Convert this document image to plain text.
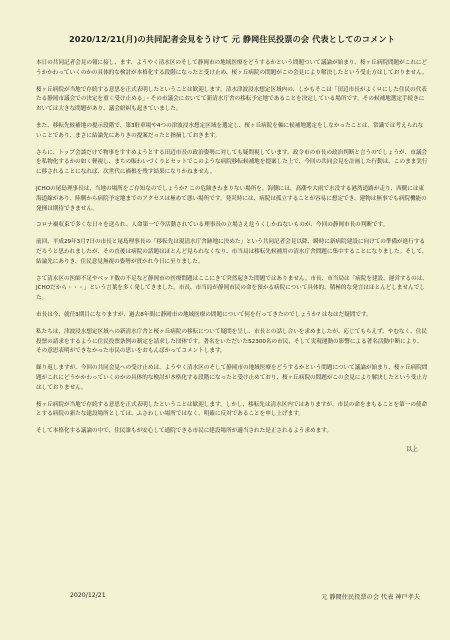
2020/12/21(月)の共同記者会見をうけて 元 静岡住民投票の会 代表としてのコメント

本日の共同記者会見の報に接し、ます、ようやく清水区のそして静岡市の地域医療をどうするかという問題ついて議論が始まり、桜ヶ丘病院問題がこれにどうかかわっていくのかの具体的な検討が本格化する段階になったと受け止め、桜ヶ丘病院の問題がこの会見により解決したという受止方はしておりません。

桜ヶ丘病院が当地で存続する意思を正式表明したということは歓迎します。清水津波浸水想定区域内の、しかもそこは「田辺市長がよくロにした住民の代表たる静岡市議会での決定を重く受け止める」・その市議会においてて新清水庁舎の移転予定地であることを決定している場所です。その候補地選定手続きにおいては大きな問題があり、議会紛糾も起きていました。

また、移転先候補地の提示段階で、第3駐車場や4つの津波浸水想定区域を選定し、桜ヶ丘病院を軸に候補地選定をしなかったことは、常識では考えられないことであり、まさに結論先にありきの提案だったと指摘しておきます。

さらに、トップ会談だけで物事をすすめようとする田辺市長の政治姿勢に対しても疑問視しています。政令市の市長の政治判断と言うのでしょうが、市議会を私物化するかの如く軽視し、まちの賑わいづくりとセットでこのような病院移転候補地を提案した上で、今回の共同会見を計画した行動は、このまま実行に移されることになれば、次世代に禍根を残す結果になりかねません。

JCHOの尾島理事長は、当地の場所をご存知なのでしょうか? この危険きわまりない場所を。海側には、高潮や大雨で水没する港湾道路が走り、西側には東海道線があり、陸側から病院予定地までのアクセスは極めて悪い場所です。発災時には、病院は孤立することが容易に想定でき、建物は無事でも病院機能の発揮は期待できません。

コロナ禍収束で多くな日々を送られ、人命第一で今活動されている理事長の立場さえ危うくしかねないものが、今回の静岡市長の判断です。

前回、平成29年3月7日の市長と尾島理事長の「移転先は現清水庁舎跡地に決めた」という共同記者会見以降、瞬時に新病院建設に向けての準備が進行するだろうと思われましたが、その直後は病院の話題はほとんど見られなくなり、市当局は移転先候補用の清水庁舎問題に集中することになりました。そして、結論先にありき、住民意見無視の姿勢が貫かれ今日に至りました。

さて清水区の医師不足やベッド数の不足など静岡市の医療問題はここにきて突然起きた問題ではありません。市長、市当局は「病院を建設、運営するのは、JCHOだから・・・」という言葉を多く発してきました。市長、市当局が静岡市民の命を預かる病院について具体的、積極的な発言はほとんどしませんでした。

市長は今、就任3期目になりますが、過去8年間に静岡市の地域医療の問題について何を行ってきたのでしょうか? はなはだ疑問です。

私たちは、津波浸水想定区域への新清水庁舎と桜ヶ丘病院の移転について疑問を呈し、市長との話し合いを求めましたが、応じてもらえず、やむなく、住民投票の請求をするように住民投票条例の制定を請求した団体です。著名をいただいた52300名の市民、そして実現運動の影響による著名活動中断により、その意思表明ができなかった市民の思いをおもんばかってコメントします。

繰り返しますが、今回の共同会見への受け止めは、ようやく清水区のそして静岡市の地域医療をどうするかという問題について議論が始まり、桜ヶ丘病院問題がこれにどうかかわっていくのかの具体的な検討が本格化する段階になったと受け止めており、桜ヶ丘病院の問題がこの会見により解決したという受止方はしておりません。

桜ヶ丘病院が当地で存続する意思を正式表明したということは歓迎します。しかし、移転先は清水区内ではありますが、市民の命をまもることを第一の使命とする病院の新たな建設場所としては、ふさわしい場所ではなく、明確に反対であることを申し上げます。

そして本格化する議論の中で、住民誰もが安心して通院できる市民に建設場所が適当された是正されるよう求めます。

以上
2020/12/21	元 静岡住民投票の会 代表 神戸孝夫
